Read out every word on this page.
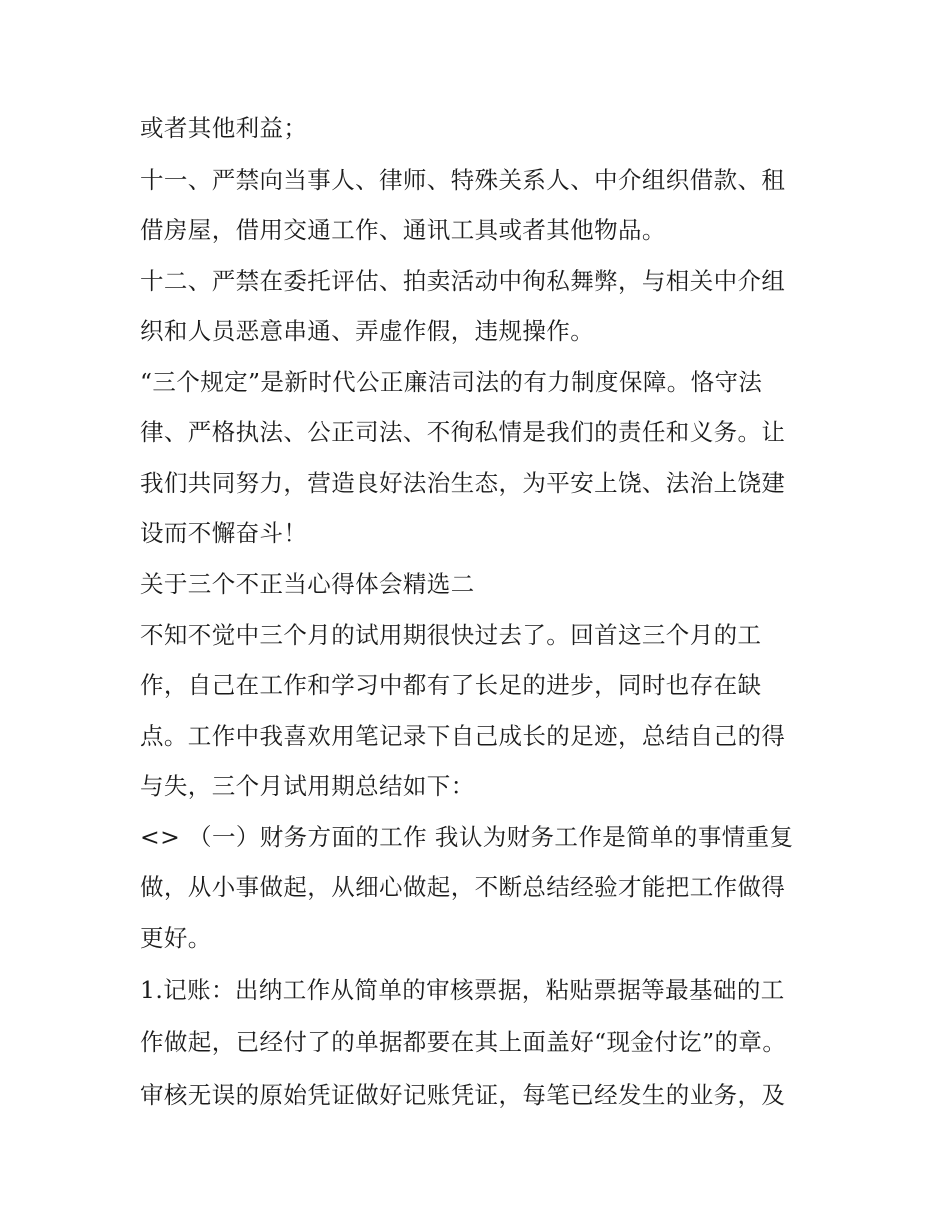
或者其他利益；

十一、严禁向当事人、律师、特殊关系人、中介组织借款、租

借房屋，借用交通工作、通讯工具或者其他物品。

十二、严禁在委托评估、拍卖活动中徇私舞弊，与相关中介组

织和人员恶意串通、弄虚作假，违规操作。

“三个规定”是新时代公正廉洁司法的有力制度保障。恪守法

律、严格执法、公正司法、不徇私情是我们的责任和义务。让

我们共同努力，营造良好法治生态，为平安上饶、法治上饶建

设而不懈奋斗！

关于三个不正当心得体会精选二

不知不觉中三个月的试用期很快过去了。回首这三个月的工

作，自己在工作和学习中都有了长足的进步，同时也存在缺

点。工作中我喜欢用笔记录下自己成长的足迹，总结自己的得

与失，三个月试用期总结如下：

<> （一）财务方面的工作 我认为财务工作是简单的事情重复

做，从小事做起，从细心做起，不断总结经验才能把工作做得

更好。

1.记账：出纳工作从简单的审核票据，粘贴票据等最基础的工

作做起，已经付了的单据都要在其上面盖好“现金付讫”的章。

审核无误的原始凭证做好记账凭证，每笔已经发生的业务，及
